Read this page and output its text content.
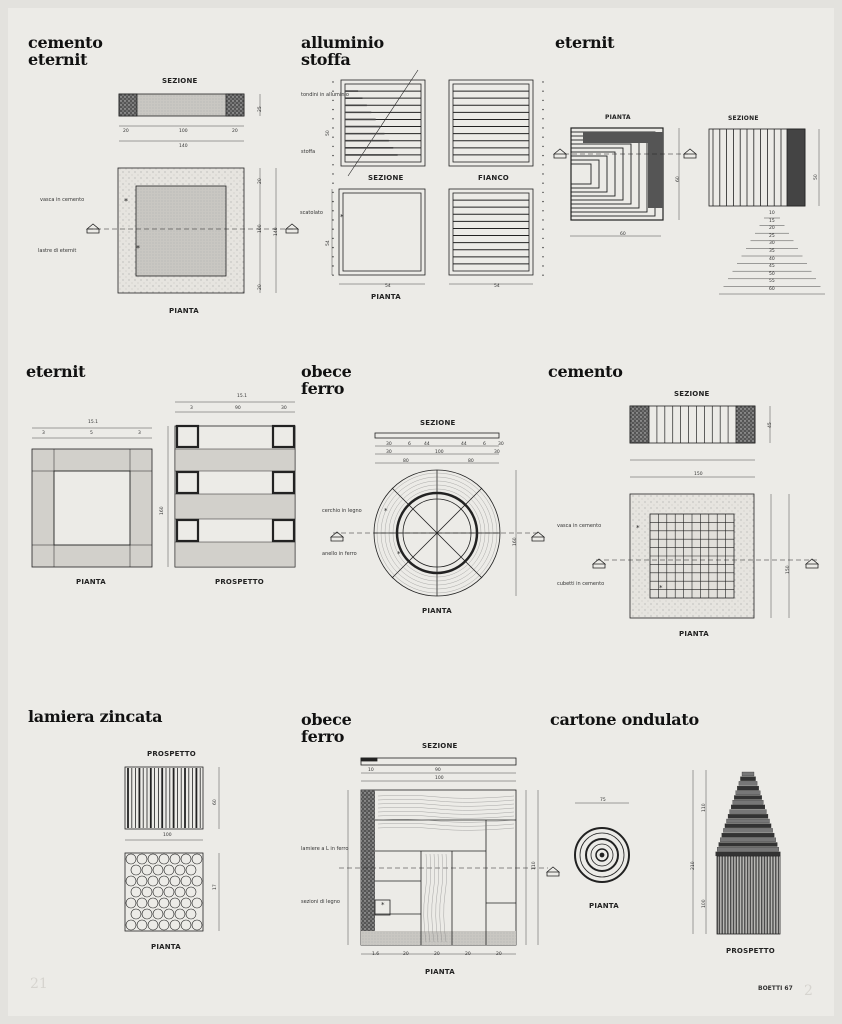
cemento
eternit
alluminio
stoffa
eternit
eternit	obece
ferro
cemento
lamiera zincata	obece
ferro
cartone ondulato
SEZIONE
PIANTA
SEZIONE	FIANCO
PIANTA
PIANTA	SEZIONE
PIANTA	PROSPETTO
SEZIONE
PIANTA
SEZIONE
PIANTA
PROSPETTO
PIANTA
SEZIONE
PIANTA
PIANTA
PROSPETTO
vasca in cemento
lastre di eternit
tondini in alluminio
stoffa
scatolato
cerchio in legno
anello in ferro
vasca in cemento
cubetti in cemento
lamiere a L in ferro
sezioni di legno
20	100	20
140
25
20
100
20
140
50
54
54	54
60
60	50
15.1
3	5	3
15.1
3	90	30
160
30	6	44	44	6	30
30	100	30
80	80
160
150
45
150
60
100
17
10	90
100
1.6	20	20	20	20
110
75
210
110
100
10
15
20
25
30
35
40
45
50
55
60
BOETTI 67
21	2
*
*
*
*
*
*
*
*
